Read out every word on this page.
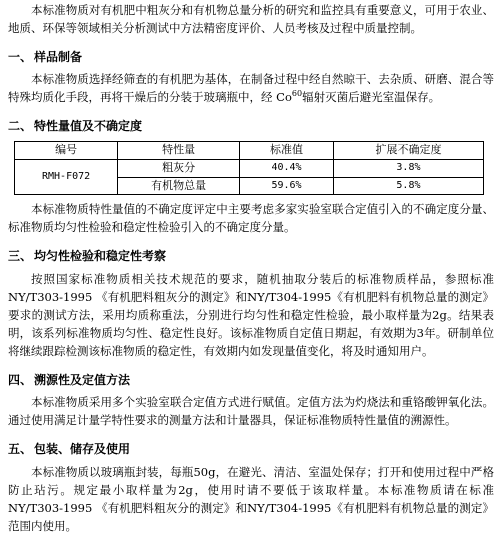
本标准物质对有机肥中粗灰分和有机物总量分析的研究和监控具有重要意义，可用于农业、地质、环保等领域相关分析测试中方法精密度评价、人员考核及过程中质量控制。

一、 样品制备

本标准物质选择经筛查的有机肥为基体，在制备过程中经自然晾干、去杂质、研磨、混合等特殊均质化手段，再将干燥后的分装于玻璃瓶中，经 Co$^{60}$辐射灭菌后避光室温保存。

二、 特性量值及不确定度
编号	特性量	标准值	扩展不确定度
RMH-F072	粗灰分	40.4%	3.8%
	有机物总量	59.6%	5.8%

本标准物质特性量值的不确定度评定中主要考虑多家实验室联合定值引入的不确定度分量、标准物质均匀性检验和稳定性检验引入的不确定度分量。

三、 均匀性检验和稳定性考察

按照国家标准物质相关技术规范的要求，随机抽取分装后的标准物质样品，参照标准 NY/T303-1995 《有机肥料粗灰分的测定》和NY/T304-1995《有机肥料有机物总量的测定》要求的测试方法，采用均质称重法，分别进行均匀性和稳定性检验，最小取样量为2g。结果表明，该系列标准物质均匀性、稳定性良好。该标准物质自定值日期起，有效期为3年。研制单位将继续跟踪检测该标准物质的稳定性，有效期内如发现量值变化，将及时通知用户。

四、 溯源性及定值方法

本标准物质采用多个实验室联合定值方式进行赋值。定值方法为灼烧法和重铬酸钾氧化法。通过使用满足计量学特性要求的测量方法和计量器具，保证标准物质特性量值的溯源性。

五、 包装、储存及使用

本标准物质以玻璃瓶封装，每瓶50g，在避光、清洁、室温处保存；打开和使用过程中严格防止玷污。规定最小取样量为2g，使用时请不要低于该取样量。本标准物质请在标准 NY/T303-1995 《有机肥料粗灰分的测定》和NY/T304-1995《有机肥料有机物总量的测定》范围内使用。
